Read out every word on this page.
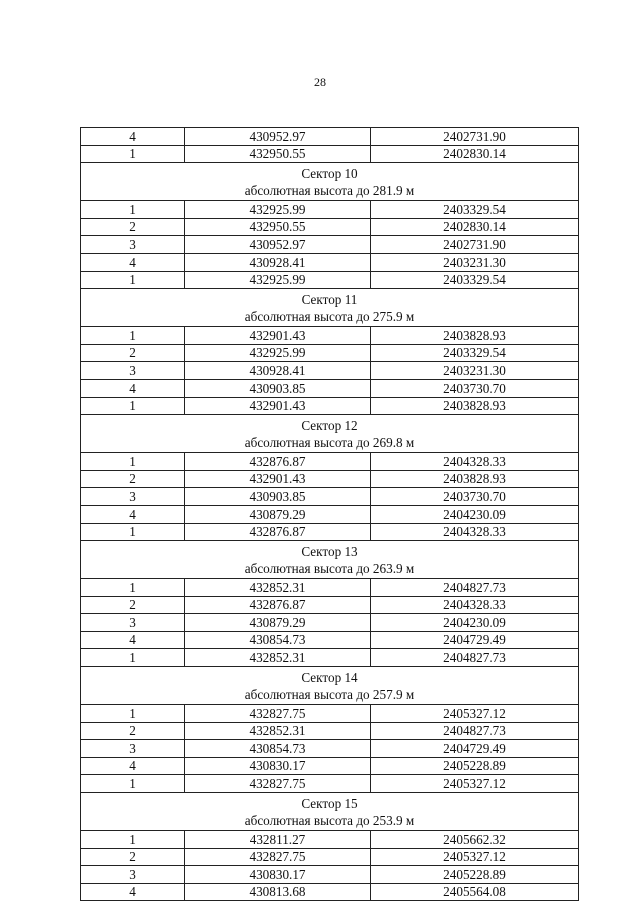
28
4	430952.97	2402731.90
1	432950.55	2402830.14

Сектор 10
абсолютная высота до 281.9 м		

1	432925.99	2403329.54
2	432950.55	2402830.14
3	430952.97	2402731.90
4	430928.41	2403231.30
1	432925.99	2403329.54

Сектор 11
абсолютная высота до 275.9 м		

1	432901.43	2403828.93
2	432925.99	2403329.54
3	430928.41	2403231.30
4	430903.85	2403730.70
1	432901.43	2403828.93

Сектор 12
абсолютная высота до 269.8 м		

1	432876.87	2404328.33
2	432901.43	2403828.93
3	430903.85	2403730.70
4	430879.29	2404230.09
1	432876.87	2404328.33

Сектор 13
абсолютная высота до 263.9 м		

1	432852.31	2404827.73
2	432876.87	2404328.33
3	430879.29	2404230.09
4	430854.73	2404729.49
1	432852.31	2404827.73

Сектор 14
абсолютная высота до 257.9 м		

1	432827.75	2405327.12
2	432852.31	2404827.73
3	430854.73	2404729.49
4	430830.17	2405228.89
1	432827.75	2405327.12

Сектор 15
абсолютная высота до 253.9 м		

1	432811.27	2405662.32
2	432827.75	2405327.12
3	430830.17	2405228.89
4	430813.68	2405564.08
